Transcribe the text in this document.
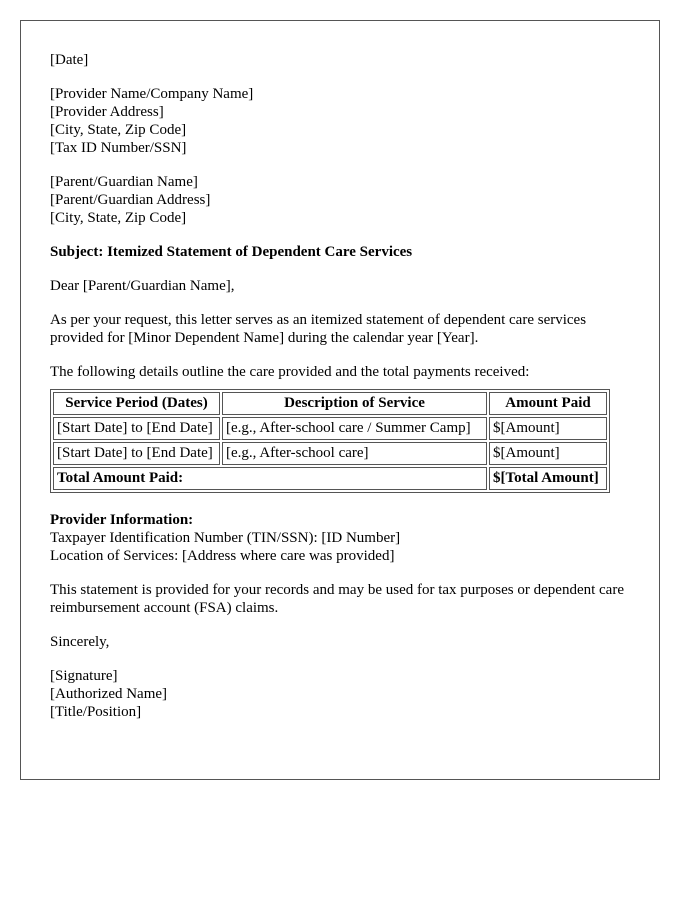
[Date]
[Provider Name/Company Name]
[Provider Address]
[City, State, Zip Code]
[Tax ID Number/SSN]
[Parent/Guardian Name]
[Parent/Guardian Address]
[City, State, Zip Code]

Subject: Itemized Statement of Dependent Care Services

Dear [Parent/Guardian Name],

As per your request, this letter serves as an itemized statement of dependent care services provided for [Minor Dependent Name] during the calendar year [Year].

The following details outline the care provided and the total payments received:

Service Period (Dates)	Description of Service	Amount Paid
[Start Date] to [End Date]	[e.g., After-school care / Summer Camp]	$[Amount]
[Start Date] to [End Date]	[e.g., After-school care]	$[Amount]
Total Amount Paid:		$[Total Amount]
Provider Information:
Taxpayer Identification Number (TIN/SSN): [ID Number]
Location of Services: [Address where care was provided]

This statement is provided for your records and may be used for tax purposes or dependent care reimbursement account (FSA) claims.

Sincerely,

[Signature]
[Authorized Name]
[Title/Position]
